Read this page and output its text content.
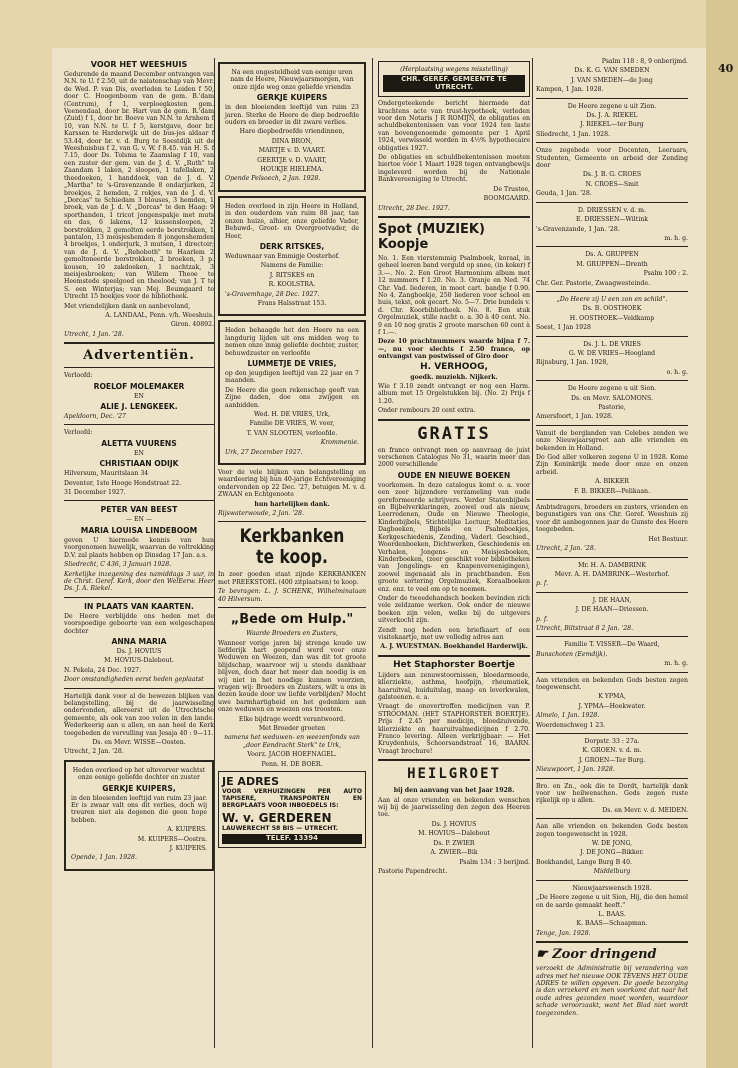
40
VOOR HET WEESHUIS

Gedurende de maand December ontvangen van N.N. te U. f 2.50, uit de nalatenschap van Mevr. de Wed. P. van Dis, overleden te Leiden f 50, door C. Hoogenboom van de gem. B.'dam (Centrum), f 1, verploegkosten gem. Veenendaal, door br. Hart van de gem. R.'dam (Zuid) f 1, door br. Boeve van N.N. te Arnhem f 10, van N.N. te U. f 5, kerstgave, door br. Karssen te Harderwijk uit de bus-jes aldaar f 53.44, door br. v. d. Burg te Soestdijk uit de Weeshuisbus f 2, van G. v. W. f 8.45. van H. S. f 7.15, door Ds. Tolsma te Zaamslag f 10, van een zuster der gem. van de J. d. V. „Ruth" te Zaandam 1 laken, 2 sloopen, 1 tafellaken, 2 theedoeken, 1 handdoek, van de J. d. V. „Martha" te 's-Gravenzande 8 ondarjurken, 2 broekjes, 2 hemden, 2 rokjes, van de J. d. V. „Dorcas" te Schiedam 3 blouses, 3 hemden, 1 broek, van de J. d. V. „Dorcas" te den Haag: 9 sporthanden, 1 tricot jongenspakje met muts en das, 6 lakens, 12 kussensloopen, 2 borstrokken, 2 gemolton eerde borstrokken, 1 pantalon, 13 meisjeshemden 8 jongenshemden 4 broekjes, 1 onderjurk, 3 mutsen, 1 directoir; van de J. d. V. „Rehoboth" te Haarlem 2 gemoltoneerde borstrokken, 2 broeken, 3 p. kousen, 10 zakdoeken, 1 nachtzak, 3 meisjesbroeken; van Willem Theoe te Heemstede speelgoed en theelood; van J. T te S. een Winterjas; van Mej. Beumgaard te Utrecht 15 boekjes voor de bibliotheek.

Met vriendelijken dank en aanbeveland,

A. LANDAAL, Penn. v/h. Weeshuis.

Giron. 40892.

Utrecht, 1 Jan. '28.

Advertentiën.

Verloofd:

ROELOF MOLEMAKER

EN

ALIE J. LENGKEEK.

Apeldoorn, Dec. '27

Verloofd:

ALETTA VUURENS

EN

CHRISTIAAN ODIJK

Hilversum, Mauritslaan 34

Deventer, 1ste Hooge Hondstraat 22.

31 December 1927.

PETER VAN BEEST

— EN —

MARIA LOUISA LINDEBOOM

geven U hiermede kennis van hun voorgenomen huwelijk, waarvan de voltrekking D.V. zal plaats hebben op Dinsdag 17 Jan. a.s.

Sliedrecht, C 436, 3 Januari 1928.

Kerkelijke inzegening des namiddags 3 uur, in de Chrst. Geref. Kerk, door den WelEerw. Heer Ds. J. A. Riekel.

IN PLAATS VAN KAARTEN.

De Heere verblijdde ons heden met de voorspoedige geboorte van een welgeschapen dochter

ANNA MARIA

Ds. J. HOVIUS

M. HOVIUS-Dalebout.

N. Pekela, 24 Dec. 1927.

Door omstandigheden eerst heden geplaatst

Hartelijk dank voor al de bewezen blijken van belangstelling, bij de jaarwisseling ondervonden, allereerst uit de Utrechtsche gemeente, als ook van zoo velen in den lande. Wederkeerig aan u allen, en aan heel de Kerk toegebeden de vervulling van Jesaja 40 : 9—11.

Ds. en Mevr. WISSE—Oosten.

Utrecht, 2 Jan. '28.

Heden overleed op het ultevorver wachtst onze eenige geliefde dochter en zuster

GERKJE KUIPERS,

in den bloeienden leeftijd van ruim 23 jaar. Er is zwaar valt ons dit verlies, doch wij treuren niet als degenen die geen hope hebben.

A. KUIPERS.

M. KUIPERS—Oostra.

J. KUIPERS.

Opende, 1 Jan. 1928.

Na een ongesteldheid van eenige uren nam de Heere, Nieuwjaarsmorgen, van onze zijde weg onze geliefde vriendin

GERKJE KUIPERS

in den bloeienden leeftijd van ruim 23 jaren. Sterke de Heere de diep bedroefde ouders en broeder in dit zware verlies.

Hare diepbedroefde vriendinnen,

DINA BRON,

MARTJE v. D. VAART.

GEERTJE v. D. VAART,

HOUKJE HIELEMA.

Opende Pelsoech, 2 Jan. 1928.

Heden overleed in zijn Heere in Holland, in den ouderdom van ruim 88 jaar, tan onzen huize, alhier, onze geliefde Vader, Behuwd-, Groot- en Overgrootvader, de Heer,

DERK RITSKES,

Weduwnaar van Emmigje Oosterhof.

Namens de Familie:

J. RITSKES en

R. KOOLSTRA.

's-Gravemhage, 28 Dec. 1927.

Frans Halsstraat 153.

Heden behaagde het den Heere na een langdurig lijden uit ons midden weg te nemen onze innig geliefde dochter, zuster, behuwdzuster en verloofde

LUMMETJE DE VRIES,

op den jeugdigen leeftijd van 22 jaar en 7 maanden.

De Heere die geen rekenschap geeft van Zijne daden, doe ons zwijgen en aanbidden.

Wed. H. DE VRIES, Urk,

Familie DE VRIES, W. veer,

T. VAN SLOOTEN, verloofde.

Krommenie.

Urk, 27 December 1927.

Voor de vele blijken van belangstelling en waardeering bij hun 40-jarige Echtvereeniging ondervonden op 22 Dec. '27, betuigen M. v. d. ZWAAN en Echtgenoote

hun hartelijken dank.

Rijswaterwoude, 2 Jan. '28.

Kerkbanken te koop.

In zeer goeden staat zijnde KERKBANKEN met PREEKSTOEL (400 zitplaatsen) te koop.

Te bevragen: L. J. SCHENK, Wilhelminalaan 40 Hilversum.

„Bede om Hulp."

Waarde Broeders en Zusters,

Wanneer vorige jaren bij strenge koude uw liefderijk hart geopend werd voor onze Weduwen en Weezen, dan was dit tot groote blijdschap, waarvoor wij u steeds dankbaar blijven, doch daar het meer dan noodig is en wij niet in het noodige kunnen voorzien, vragen wij: Broeders en Zusters, wilt u ons in dezen koude door uw liefde verblijden? Mocht uwe barmhartigheid en het gedenken aan onze weduwen en weezen ons troosten.

Elke bijdrage wordt verantwoord.

Met Broeder groeten

namens het weduwen- en weezenfonds van „door Eendracht Sterk" te Urk,

Voorz. JACOB HOEFNAGEL.

Penn. H. DE BOER.

JE ADRES

VOOR VERHUIZINGEN PER AUTO TAPISERE, TRANSPORTEN EN BERGPLAATS VOOR INBOEDELS IS:

W. v. GERDEREN

LAUWERECHT 58 BIS — UTRECHT.

TELEF. 13394

(Herplaatsing wegens misstelling)

CHR. GEREF. GEMEENTE TE UTRECHT.

Ondergeteekende bericht hiermede dat krachtens acte van trust-hypotheek, verleden voor den Notaris J R ROMIJN, de obligaties en schuldbekentenissen van voor 1924 ten laste van bovengenoemde gemeente per 1 April 1924, verwisseld worden in 4½% hypothecaire obligaties 1927.

De obligaties en schuldbekentenissen moeten hiertoe vóór 1 Maart 1928 tegen ontvangbewijs ingeleverd worden bij de Nationale Bankvereeniging te Utrecht.

De Trustee,

BOOMGAARD.

Utrecht, 28 Dec. 1927.

Spot (MUZIEK) Koopje

No. 1. Een vierstemmig Psalmboek, koraal, in geheel leeren band verguld op snee, (in koker) f 3.—. No. 2. Een Groot Harmonium album met 12 nummers f 1.20. No. 3. Oranje en Ned. 74 Chr. Vad. liederen, in moot cart. bandje f 0.90. No 4. Zangboekje, 250 liederen voor school en huis, tekst, ook gecart. No. 5—7. Drie bundels v. d. Chr. Koorbibliotheek. No. 8. Een stuk Orgelmuziek, stille nacht o. a. 30 à 40 cent. No. 9 en 10 nog gratis 2 groote marschen 60 cent à f 1.—.

Deze 10 prachtnummers waarde bijna f 7.—, nu voor slechts f 2.50 franco, op ontvangst van postwissel of Giro door

H. VERHOOG,

goedk. muziekh. Nijkerk.

Wie f 3.10 zendt ontvangt er nog een Harm. album met 15 Orgelstukken bij. (No. 2) Prijs f 1.20.

Onder rembours 20 cent extra.

GRATIS

en franco ontvangt men op aanvraag de juist verschenen Catalogus No 31, waarin meer dan 2000 verschillende

OUDE EN NIEUWE BOEKEN

voorkomen. In deze catalogus komt o. a. voor een zeer bijzondere verzameling van oude gereformeerde schrijvers. Verder Statenbijbels en Bijbelverklaringen, zoowel oud als nieuw, Leerredenen, Oude en Nieuwe Theologie, Kinderbijbels, Stichtelijke Lectuur, Meditaties, Dagboeken, Bijbels en Psalmboekjes, Kerkgeschiedenis, Zending, Vaderl. Geschied., Woordenboeken, Dichtwerken, Geschiedenis en Verhalen, Jongens- en Meisjesboeken, Kinderboeken, (zeer geschikt voor bibliotheken van Jongelings- en Knapenvereenigingen), zoowel ingenaaid als in prachtbanden. Een groote sortering Orgelmuziek, Koraalboeken enz. enz. te veel om op te noemen.

Onder de tweedehandsch boeken bevinden zich vele zeldzame werken. Ook onder de nieuwe boeken zijn velen, welke bij de uitgevers uitverkocht zijn.

Zendt nog heden een briefkaart of een visitekaartje, met uw volledig adres aan

A. J. WUESTMAN. Boekhandel Harderwijk.

Het Staphorster Boertje

Lijders aan zenuwstoornissen, bloedarmoede, klierziekte, asthma, hoofpijn, rheumatiek, haaruitval, huiduitslag, maag- en leverkwalen, galsteenen. e. a.

Vraagt de onovertroffen medicijnen van P. STROOMAN. (HET STAPHORSTER BOERTJE). Prijs f 2.45 per medicijn, bloedzuivende, klierziekte en haaruitvalmedicijnen f 2.70. Franco levering. Alleen verkrijgbaar: — Het Kruydenhuis, Schoorsandstraat 16, BAARN. Vraagt brochure!

HEILGROET

bij den aanvang van het Jaar 1928.

Aan al onze vrienden en bekenden wenschen wij bij de jaarwisseling den zegen des Heeren toe.

Ds. J. HOVIUS

M. HOVIUS—Dalebout

Ds. P. ZWIER

A. ZWIER—Bik

Psalm 134 : 3 berijmd.

Pastorie Papendrecht.

Psalm 118 : 8, 9 onberijmd.

Ds. K. G. VAN SMEDEN

J. VAN SMEDEN—de Jong

Kampen, 1 Jan. 1928.

De Heere zegene u uit Zion.

Ds. J. A. RIEKEL

J. RIEKEL—ter Burg

Sliedrecht, 1 Jan. 1928.

Onze zegebede voor Docenten, Leeraars, Studenten, Gemeente en arbeid der Zending door

Ds. J. B. G. CROES

N. CROES—Smit

Gouda, 1 Jan. '28.

D. DRIESSEN v. d. m.

E. DRIESSEN—Wiltink

's-Gravenzande, 1 Jan. '28.

m. h. g.

Ds. A. GRUPPEN

M. GRUPPEN—Drenth

Psalm 100 : 2.

Chr. Ger. Pastorie, Zwaagwesteinde.

„Do Heere zij U een zon en schild".

Ds. B. OOSTHOEK

H. OOSTHOEK—Veldkamp

Soest, 1 Jan 1928

Ds. J. L. DE VRIES

G. W. DE VRIES—Hoogland

Rijnsburg, 1 Jan. 1928,

o. h. g.

De Heere zegene u uit Sion.

Ds. en Mevr. SALOMONS.

Pastorie,

Amersfoort, 1 Jan. 1928.

Vanuit de berglanden van Celebes zenden we onze Nieuwjaarsgroet aan alle vrienden en bekenden in Holland.

Do God aller volkeren zegene U in 1928. Kome Zijn Koninkrijk mede door onze en onzen arbeid.

A. BIKKER

F. B. BIKKER—Pelikaan.

Ambtsdragers, broeders en zusters, vrienden en begunstigers van ons Chr. Geref. Weeshuis zij voor dit aanbegonnen jaar de Gunste des Heere toegebeden.

Het Bestuur.

Utrecht, 2 Jan. '28.

Mr. H. A. DAMBRINK

Mevr. A. H. DAMBRINK—Westerhof.

p. f.

J. DE HAAN,

J. DE HAAN—Driessen.

p. f.

Utrecht, Biltstraat 8 2 Jan. '28.

Familie T. VISSER—De Waard,

Bunschoten (Eemdijk).

m. h. g.

Aan vrienden en bekenden Gods besten zegen toegewenscht.

K YPMA,

J. YPMA—Hoekwater.

Almelo, 1 Jan. 1928.

Woerdenschweg 1 23.

Dorpstr. 33 : 27a.

K. GROEN. v. d. m.

J. GROEN—Ter Burg.

Nieuwpoort, 1 Jan. 1928.

Bro. en Zn., ook die te Dordt, hartelijk dank voor uw heilwenschen. Gods zegen ruste rijkelijk op u allen.

Ds. en Mevr. v. d. MEIDEN.

Aan alle vrienden en bekenden Gods besten zegen toegewenscht in 1928.

W. DE JONG,

J. DE JONG—Bikker.

Boekhandel, Lange Burg B 40.

Middelburg

Nieuwjaarswensch 1928.

„De Heere zegene u uit Sion, Hij, die den hemel en de aarde gemaakt heeft."

L. BAAS.

K. BAAS—Schaapman.

Tenge, Jan. 1928.

☛ Zoor dringend

verzoekt de Administratie bij verandering van adres met het nieuwe OOK TEVENS HET OUDE ADRES te willen opgeven. De goede bezorging is dan verzekerd en men voorkomt dat naar het oude adres gezonden moet worden, waardoor schade veroorzaakt, want het Blad niet wordt toegezonden.
